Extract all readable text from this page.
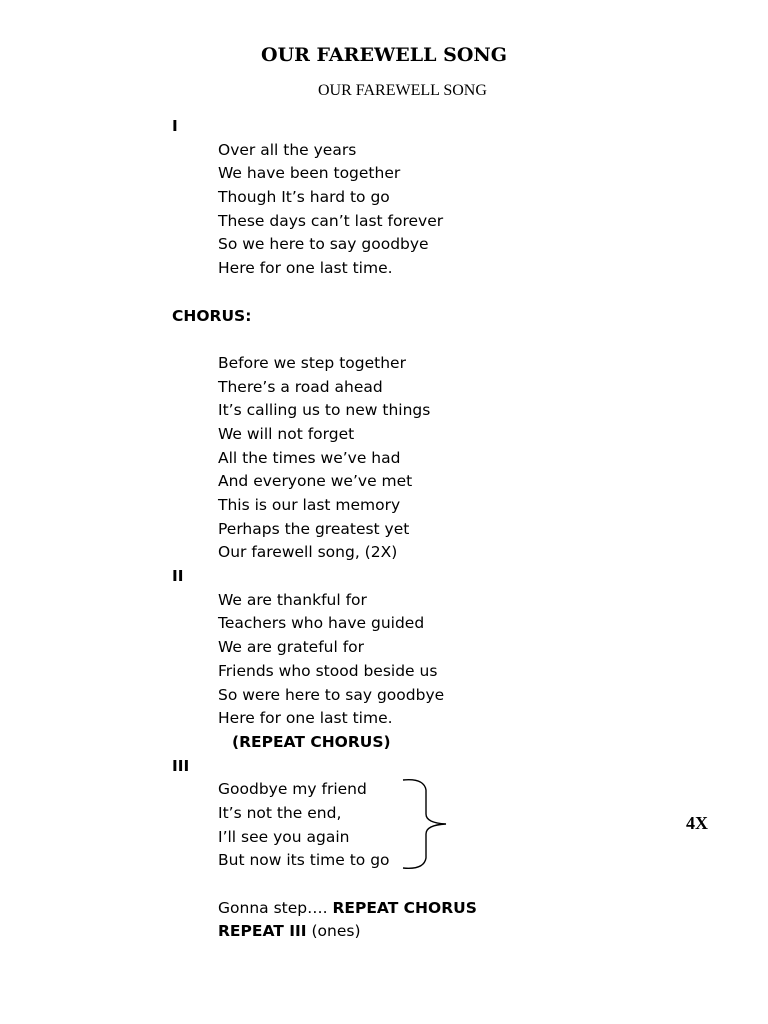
OUR FAREWELL SONG
OUR FAREWELL SONG
I
Over all the years
We have been together
Though It’s hard to go
These days can’t last forever
So we here to say goodbye
Here for one last time.
CHORUS:
Before we step together
There’s a road ahead
It’s calling us to new things
We will not forget
All the times we’ve had
And everyone we’ve met
This is our last memory
Perhaps the greatest yet
Our farewell song, (2X)
II
We are thankful for
Teachers who have guided
We are grateful for
Friends who stood beside us
So were here to say goodbye
Here for one last time.
(REPEAT CHORUS)
III
Goodbye my friend
It’s not the end,
I’ll see you again
But now its time to go
Gonna step…. REPEAT CHORUS
REPEAT III (ones)
4X
